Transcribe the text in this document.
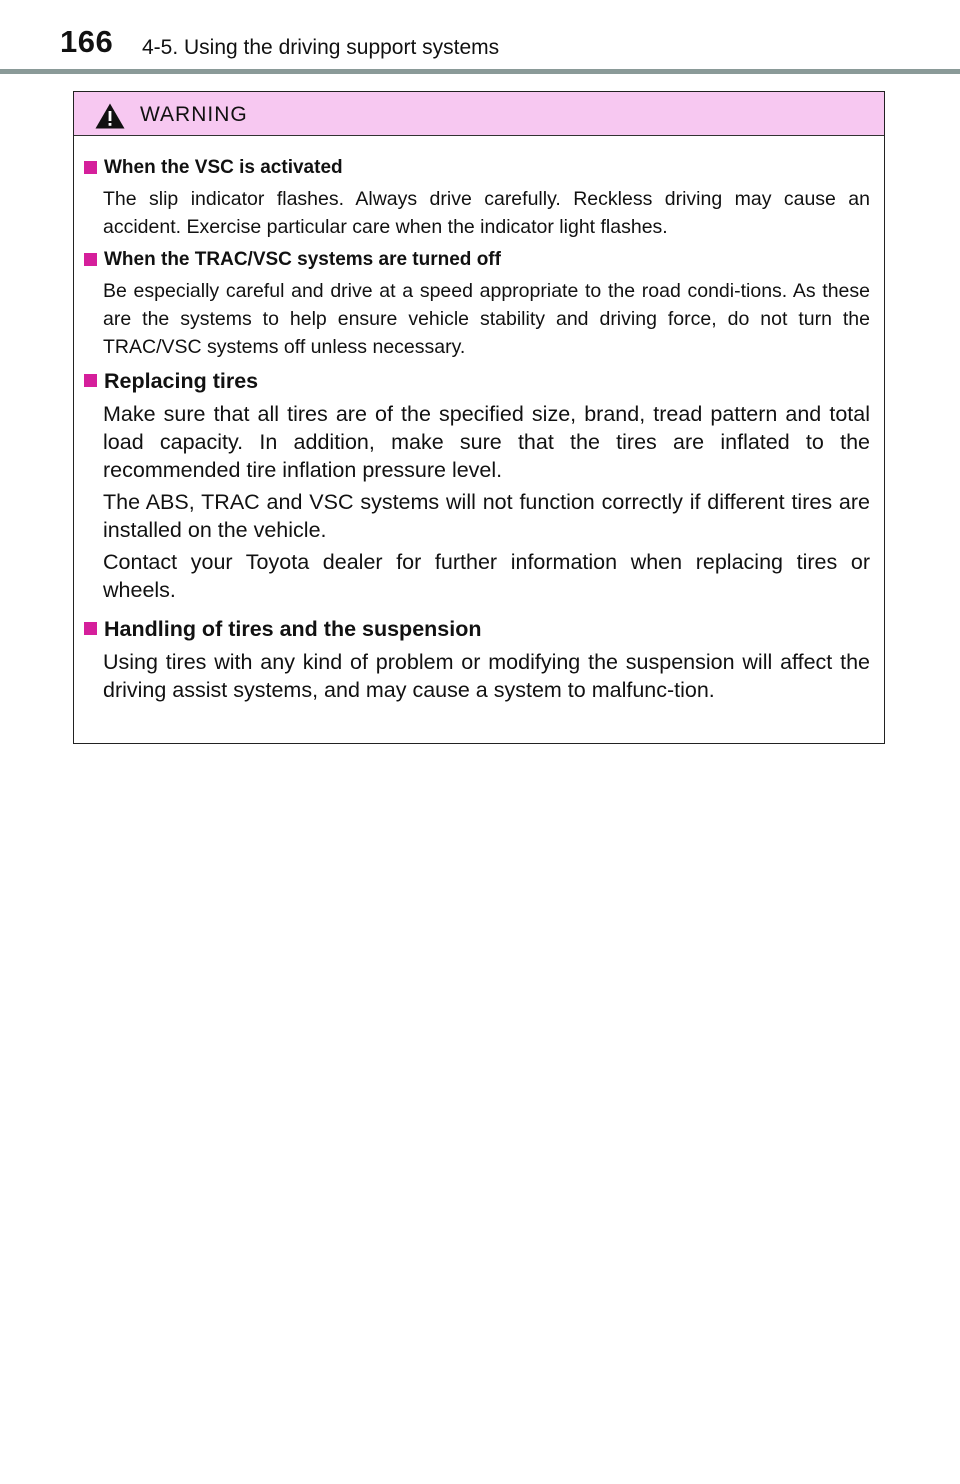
166 4-5. Using the driving support systems
WARNING

When the VSC is activated

The slip indicator flashes. Always drive carefully. Reckless driving may cause an accident. Exercise particular care when the indicator light flashes.

When the TRAC/VSC systems are turned off

Be especially careful and drive at a speed appropriate to the road condi-tions. As these are the systems to help ensure vehicle stability and driving force, do not turn the TRAC/VSC systems off unless necessary.

Replacing tires

Make sure that all tires are of the specified size, brand, tread pattern and total load capacity. In addition, make sure that the tires are inflated to the recommended tire inflation pressure level.

The ABS, TRAC and VSC systems will not function correctly if different tires are installed on the vehicle.

Contact your Toyota dealer for further information when replacing tires or wheels.

Handling of tires and the suspension

Using tires with any kind of problem or modifying the suspension will affect the driving assist systems, and may cause a system to malfunc-tion.
